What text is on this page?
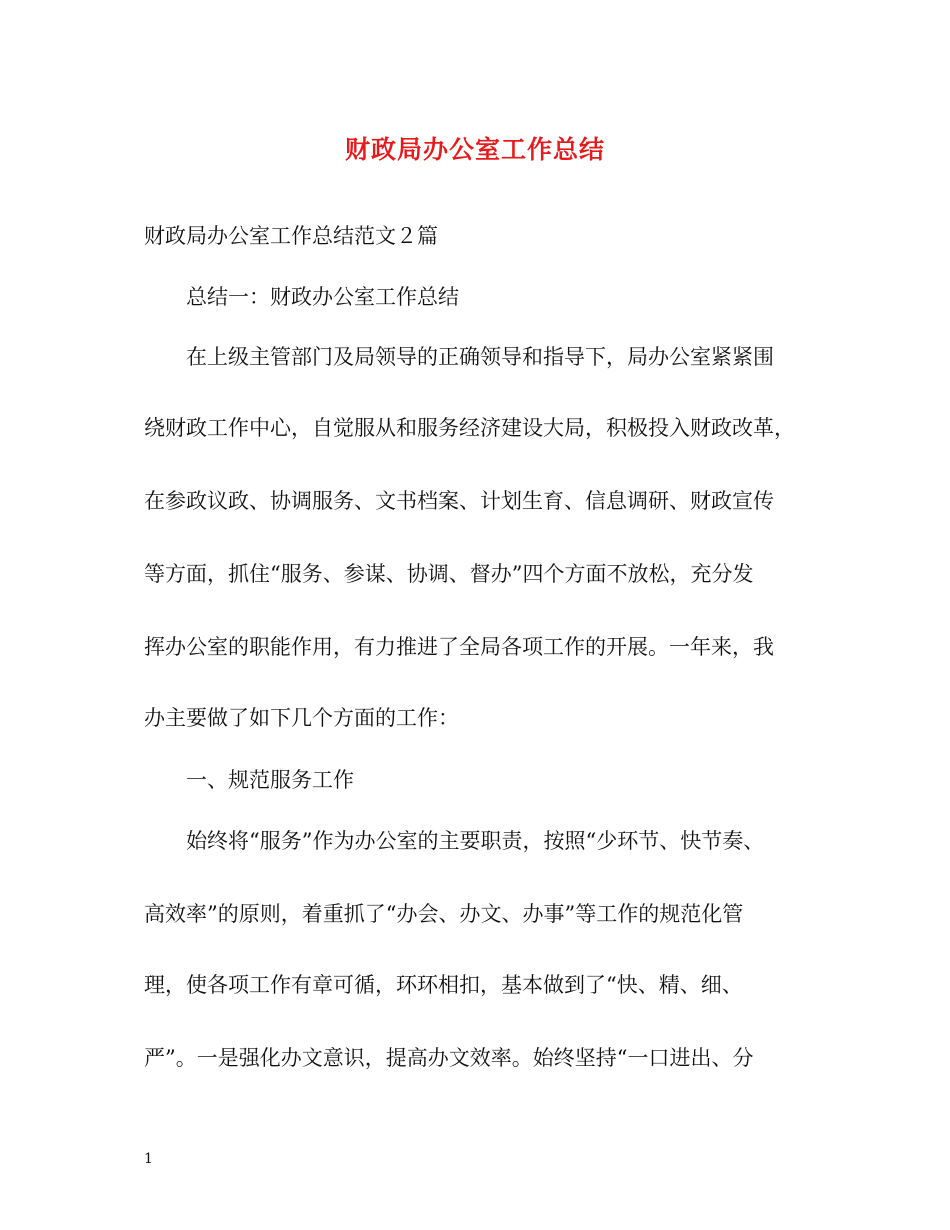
财政局办公室工作总结
财政局办公室工作总结范文２篇
总结一：财政办公室工作总结
在上级主管部门及局领导的正确领导和指导下，局办公室紧紧围
绕财政工作中心，自觉服从和服务经济建设大局，积极投入财政改革，
在参政议政、协调服务、文书档案、计划生育、信息调研、财政宣传
等方面，抓住“服务、参谋、协调、督办”四个方面不放松，充分发
挥办公室的职能作用，有力推进了全局各项工作的开展。一年来，我
办主要做了如下几个方面的工作：
一、规范服务工作
始终将“服务”作为办公室的主要职责，按照“少环节、快节奏、
高效率”的原则，着重抓了“办会、办文、办事”等工作的规范化管
理，使各项工作有章可循，环环相扣，基本做到了“快、精、细、
严”。一是强化办文意识，提高办文效率。始终坚持“一口进出、分
1
